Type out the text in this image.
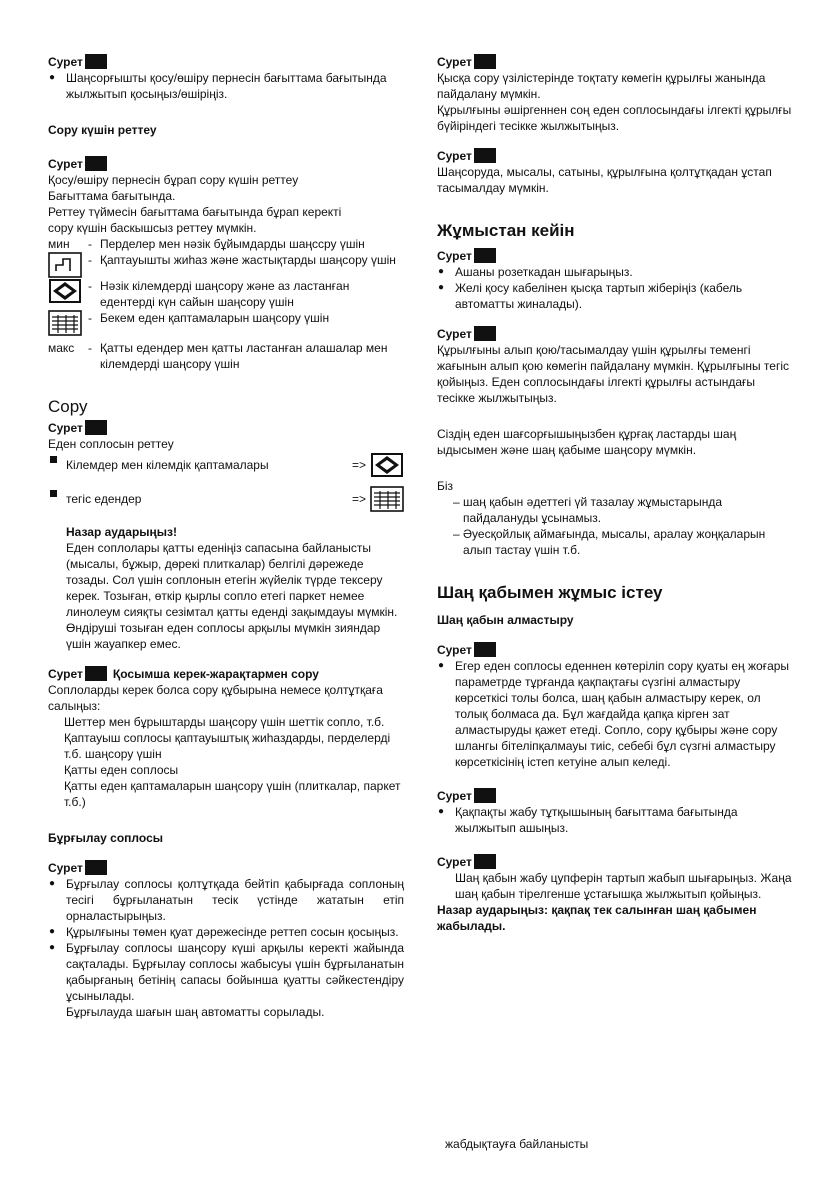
Сурет
● Шаңсорғышты қосу/өшіру пернесін бағыттама бағытында жылжытып қосыңыз/өшіріңіз.
Сору күшін реттеу
Сурет
Қосу/өшіру пернесін бұрап сору күшін реттеу
Бағыттама бағытында.
Реттеу түймесін бағыттама бағытында бұрап керекті
сору күшін баскышсыз реттеу мүмкін.
мин	- Перделер мен нәзік бұйымдарды шаңссру үшін
- Қаптауышты жиһаз және жастықтарды шаңсору үшін
- Нәзік кілемдерді шаңсору және аз ластанған едентерді күн сайын шаңсору үшін
- Бекем еден қаптамаларын шаңсору үшін
макс	- Қатты едендер мен қатты ластанған алашалар мен кілемдерді шаңсору үшін
Сору
Сурет
Еден соплосын реттеу
Кілемдер мен кілемдік қаптамалары	=>
тегіс едендер	=>
Назар аударыңыз!
Еден соплолары қатты еденіңіз сапасына байланысты (мысалы, бұжыр, дөрекі плиткалар) белгілі дәрежеде тозады. Сол үшін соплонын етегін жүйелік түрде тексеру керек. Тозыған, өткір қырлы сопло етегі паркет немее линолеум сияқты сезімтал қатты еденді зақымдауы мүмкін. Өндіруші тозыған еден соплосы арқылы мүмкін зияндар үшін жауапкер емес.
Сурет	Қосымша керек-жарақтармен сору
Соплоларды керек болса сору құбырына немесе қолтұтқаға салыңыз:
Шеттер мен бұрыштарды шаңсору үшін шеттік сопло, т.б.
Қаптауыш соплосы қаптауыштық жиһаздарды, перделерді т.б. шаңсору үшін
Қатты еден соплосы
Қатты еден қаптамаларын шаңсору үшін (плиткалар, паркет т.б.)
Бұрғылау соплосы
Сурет
● Бұрғылау соплосы қолтұтқада бейтіп қабырғада соплоның тесігі бұрғыланатын тесік үстінде жататын етіп орналастырыңыз.
● Құрылғыны төмен қуат дәрежесінде реттеп соcын қосыңыз.
● Бұрғылау соплосы шаңсору күші арқылы керекті жайында сақталады. Бұрғылау соплосы жабысуы үшін бұрғыланатын қабырғаның бетінің сапасы бойынша қуатты сәйкестендіру ұсынылады.
Бұрғылауда шағын шаң автоматты сорылады.
Сурет
Қысқа сору үзілістерінде тоқтату көмегін құрылғы жанында пайдалану мүмкін.
Құрылғыны әшіргеннен соң еден соплосындағы ілгекті құрылғы бүйіріндегі тесікке жылжытыңыз.
Сурет
Шаңсоруда, мысалы, сатыны, құрылғына қолтұтқадан ұстап тасымалдау мүмкін.
Жұмыстан кейін
Сурет
● Ашаны розеткадан шығарыңыз.
● Желі қосу кабелінен қысқа тартып жіберіңіз (кабель автоматты жиналады).
Сурет
Құрылғыны алып қою/тасымалдау үшін құрылғы теменгі жағынын алып қою көмегін пайдалану мүмкін. Құрылғыны тегіс қойыңыз. Еден соплосындағы ілгекті құрылғы астындағы тесікке жылжытыңыз.
Сіздің еден шағсорғышыңызбен құрғақ ластарды шаң ыдысымен және шаң қабыме шаңсору мүмкін.
Біз
– шаң қабын әдеттегі үй тазалау жұмыстарында пайдалануды ұсынамыз.
– Әуесқойлық аймағында, мысалы, аралау жоңқаларын алып тастау үшін т.б.
Шаң қабымен жұмыс істеу
Шаң қабын алмастыру
Сурет
● Егер еден соплосы еденнен көтеріліп сору қуаты ең жоғары параметрде тұрғанда қақпақтағы сүзгіні алмастыру көрсеткісі толы болса, шаң қабын алмастыру керек, ол толық болмаса да. Бұл жағдайда қапқа кірген зат алмастыруды қажет етеді. Сопло, сору құбыры және сору шлангы бітеліпқалмауы тиіс, себебі бұл сүзгні алмастыру көрсеткісінің істеп кетуіне алып келеді.
Сурет
● Қақпақты жабу тұтқышының бағыттама бағытында жылжытып ашыңыз.
Сурет
Шаң қабын жабу цупферін тартып жабып шығарыңыз. Жаңа шаң қабын тірелгенше ұстағышқа жылжытып қойыңыз.
Назар аударыңыз: қақпақ тек салынған шаң қабымен жабылады.
жабдықтауға байланысты
